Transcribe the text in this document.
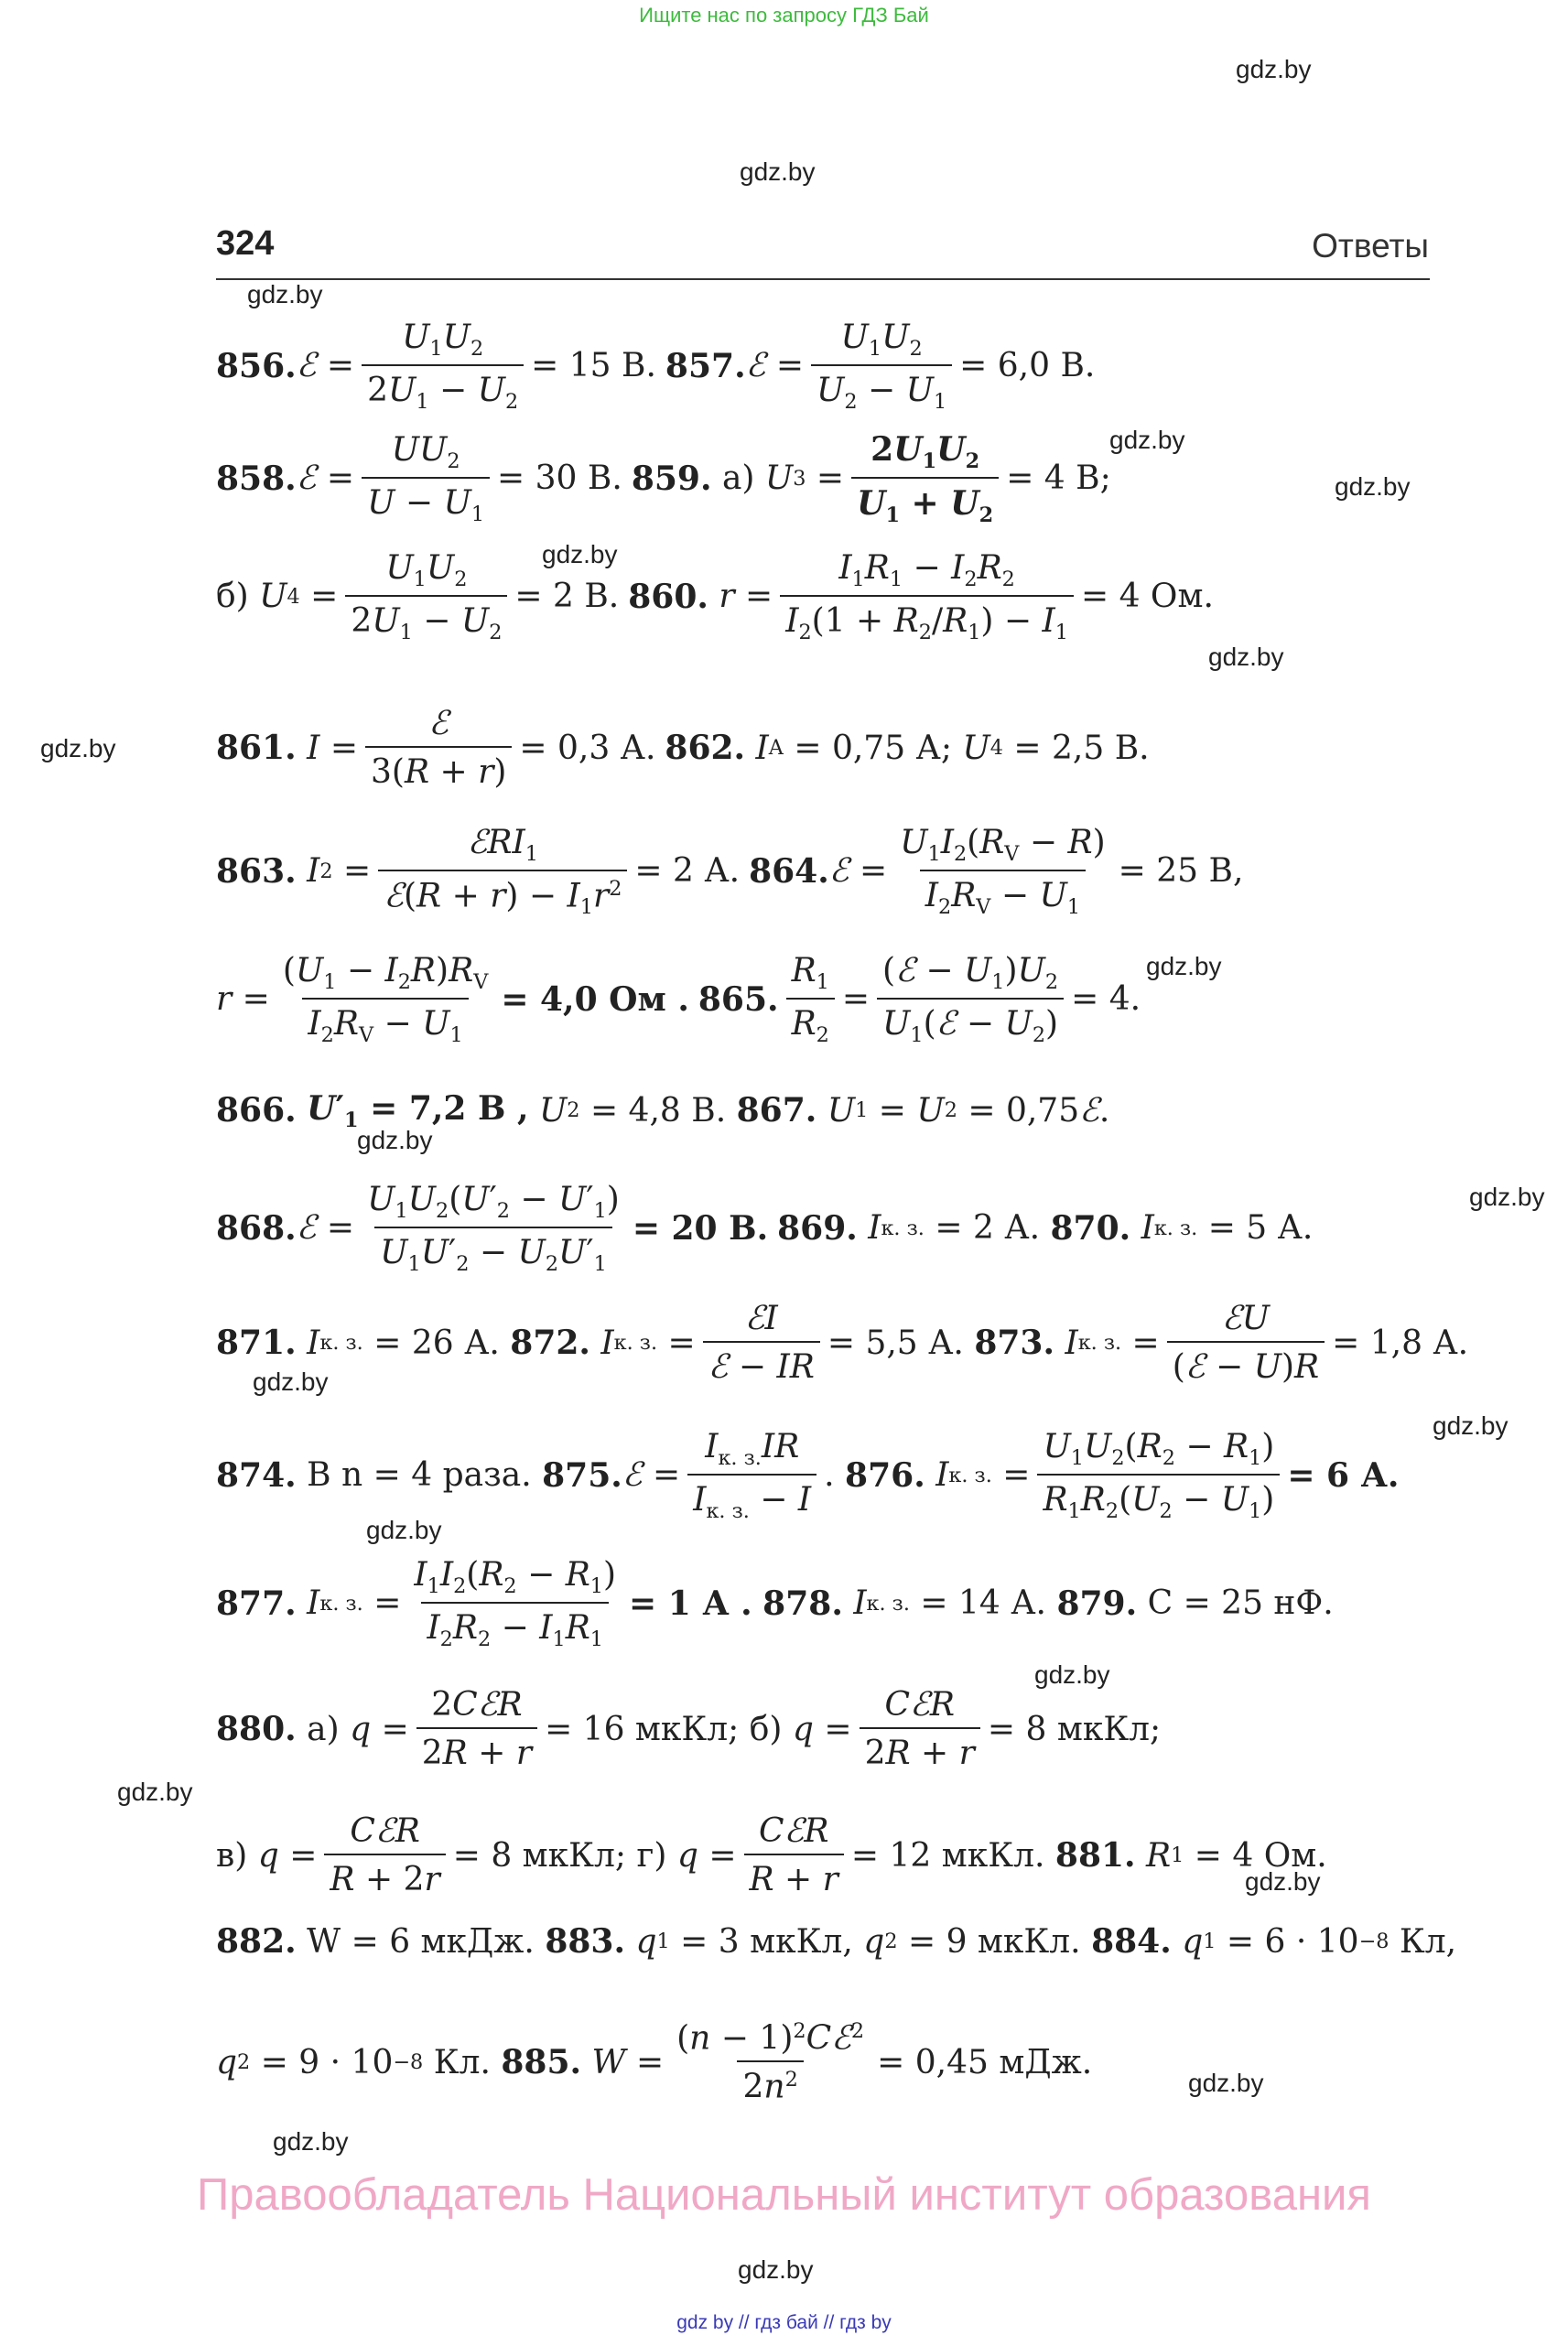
Ищите нас по запросу ГДЗ Бай
gdz.by
gdz.by
gdz.by
gdz.by
gdz.by
gdz.by
gdz.by
gdz.by
gdz.by
gdz.by
gdz.by
gdz.by
gdz.by
gdz.by
gdz.by
gdz.by
gdz.by
gdz.by
gdz.by
gdz.by
324	Ответы
856. ℰ = $\frac{U_1U_2}{2U_1 - U_2} = 15$ В. 857. ℰ = $\frac{U_1U_2}{U_2 - U_1} = 6,0$ В.
858. ℰ = $\frac{UU_2}{U - U_1} = 30$ В. 859.
а)
U $3 = \frac{2U_1U_2}{U_1 + U_2} = 4$ В;
б)
U $4 = \frac{U_1U_2}{2U_1 - U_2} = 2$ В. 860.
$r = \frac{I_1R_1 - I_2R_2}{I_2(1 + R_2/R_1) - I_1} = 4$ Ом.
861.
$I = \frac{\text{ℰ}}{3(R + r)} = 0,3$ А. 862.
I A
= 0,75 А;
U 4
= 2,5 В.
863.
I $2 = \frac{ℰRI_1}{ℰ(R + r) - I_1r^2} = 2$ А. 864. ℰ = $\frac{U_1I_2(R_V - R)}{I_2R_V - U_1} = 25$ В,
$r = \frac{(U_1 - I_2R)R_V}{I_2R_V - U_1} = 4,0$ Ом . 865. $\frac{R_1}{R_2} = \frac{(ℰ - U_1)U_2}{U_1(ℰ - U_2)} = 4$.
866.
$U'_1 = 7,2$ В ,
U 2
= 4,8 В.
867.
U 1 = U 2
= 0,75 ℰ .
868. ℰ = $\frac{U_1U_2(U'_2 - U'_1)}{U_1U'_2 - U_2U'_1} = 20$ В. 869.
I к. з.
= 2 А.
870.
I к. з.
= 5 А.
871.
I к. з.
= 26 А.
872.
I к. з. = $\frac{\text{ℰI}}{\text{ℰ − IR}} = 5,5$ А.
873.
I к. з. = $\frac{\text{ℰU}}{\text{(ℰ − U)R}} = 1,8$ А.
874.
В n = 4 раза.
875. ℰ = $\frac{I_{к. з.}IR}{I_{к. з.} - I}$ . 876.
I к. з. = $\frac{U_1U_2(R_2 - R_1)}{R_1R_2(U_2 - U_1)} = 6$ А.
877.
I к. з. = $\frac{I_1I_2(R_2 - R_1)}{I_2R_2 - I_1R_1} = 1$ А .
878.
I к. з.
= 14 А.
879.
C = 25 нФ.
880.
а)
$q = \frac{\text{2CℰR}}{2R + r} = 16$ мкКл; б)
$q = \frac{\text{CℰR}}{2R + r} = 8$ мкКл;
в)
$q = \frac{\text{CℰR}}{R + 2r} = 8$ мкКл; г)
$q = \frac{\text{CℰR}}{R + r} = 12$ мкКл.
881.
R 1
= 4 Ом.
882.
W = 6 мкДж.
883.
q 1
= 3 мкКл,
q 2
= 9 мкКл.
884.
q 1
= 6 · 10 −8
Кл,
q 2
= 9 · 10 −8
Кл.
885.
$W = \frac{(n - 1)^2Cℰ^2}{2n^2} = 0,45$ мДж.
Правообладатель Национальный институт образования
gdz by // гдз бай // гдз by
